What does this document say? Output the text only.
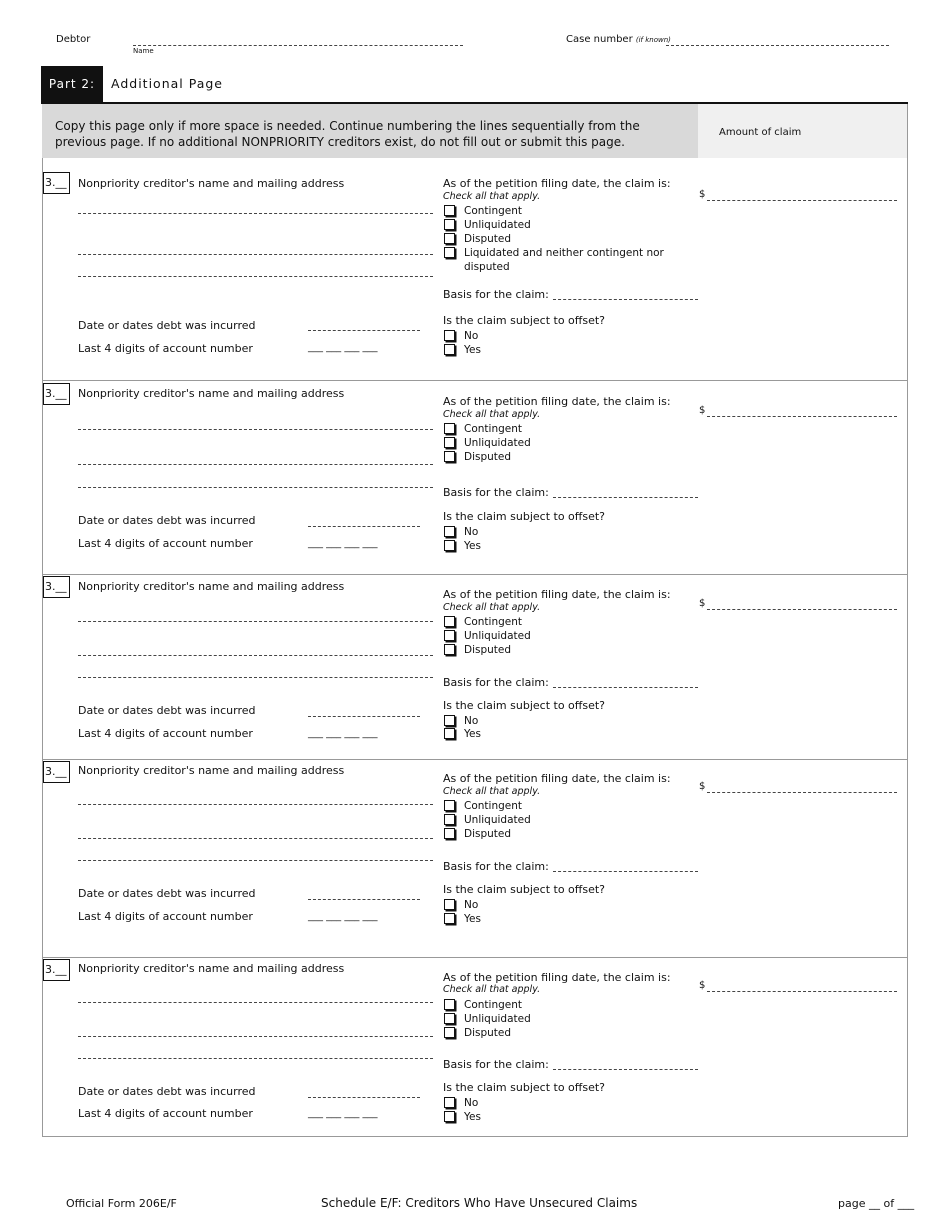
Debtor
Name
Case number (if known)
Part 2:	Additional Page
Copy this page only if more space is needed. Continue numbering the lines sequentially from the
previous page. If no additional NONPRIORITY creditors exist, do not fill out or submit this page.
Amount of claim
3.__	Nonpriority creditor's name and mailing address
Date or dates debt was incurred
Last 4 digits of account number	___ ___ ___ ___
As of the petition filing date, the claim is:
Check all that apply.
Contingent
Unliquidated
Disputed
Liquidated and neither contingent nor
disputed
Basis for the claim:
Is the claim subject to offset?
No
Yes
$
3.__	Nonpriority creditor's name and mailing address
Date or dates debt was incurred
Last 4 digits of account number	___ ___ ___ ___
As of the petition filing date, the claim is:
Check all that apply.
Contingent
Unliquidated
Disputed
Basis for the claim:
Is the claim subject to offset?
No
Yes
$
3.__	Nonpriority creditor's name and mailing address
Date or dates debt was incurred
Last 4 digits of account number	___ ___ ___ ___
As of the petition filing date, the claim is:
Check all that apply.
Contingent
Unliquidated
Disputed
Basis for the claim:
Is the claim subject to offset?
No
Yes
$
3.__	Nonpriority creditor's name and mailing address
Date or dates debt was incurred
Last 4 digits of account number	___ ___ ___ ___
As of the petition filing date, the claim is:
Check all that apply.
Contingent
Unliquidated
Disputed
Basis for the claim:
Is the claim subject to offset?
No
Yes
$
3.__	Nonpriority creditor's name and mailing address
Date or dates debt was incurred
Last 4 digits of account number	___ ___ ___ ___
As of the petition filing date, the claim is:
Check all that apply.
Contingent
Unliquidated
Disputed
Basis for the claim:
Is the claim subject to offset?
No
Yes
$
Official Form 206E/F	Schedule E/F: Creditors Who Have Unsecured Claims	page __ of ___
